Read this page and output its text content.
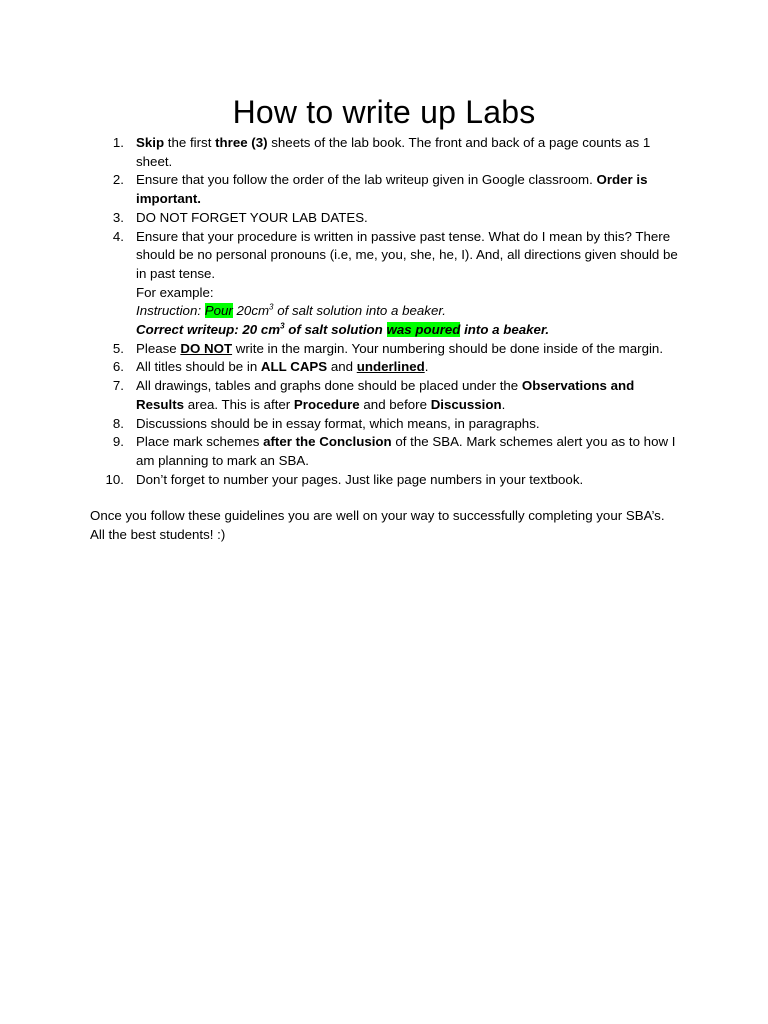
How to write up Labs
1. Skip the first three (3) sheets of the lab book. The front and back of a page counts as 1 sheet.
2. Ensure that you follow the order of the lab writeup given in Google classroom. Order is important.
3. DO NOT FORGET YOUR LAB DATES.
4. Ensure that your procedure is written in passive past tense. What do I mean by this? There should be no personal pronouns (i.e, me, you, she, he, I). And, all directions given should be in past tense.
For example:
Instruction: Pour $20cm^3$ of salt solution into a beaker.
Correct writeup: 20 $cm^3$ of salt solution was poured into a beaker.
5. Please DO NOT write in the margin. Your numbering should be done inside of the margin.
6. All titles should be in ALL CAPS and underlined.
7. All drawings, tables and graphs done should be placed under the Observations and Results area. This is after Procedure and before Discussion.
8. Discussions should be in essay format, which means, in paragraphs.
9. Place mark schemes after the Conclusion of the SBA. Mark schemes alert you as to how I am planning to mark an SBA.
10. Don’t forget to number your pages. Just like page numbers in your textbook.
Once you follow these guidelines you are well on your way to successfully completing your SBA’s.
All the best students! :)
